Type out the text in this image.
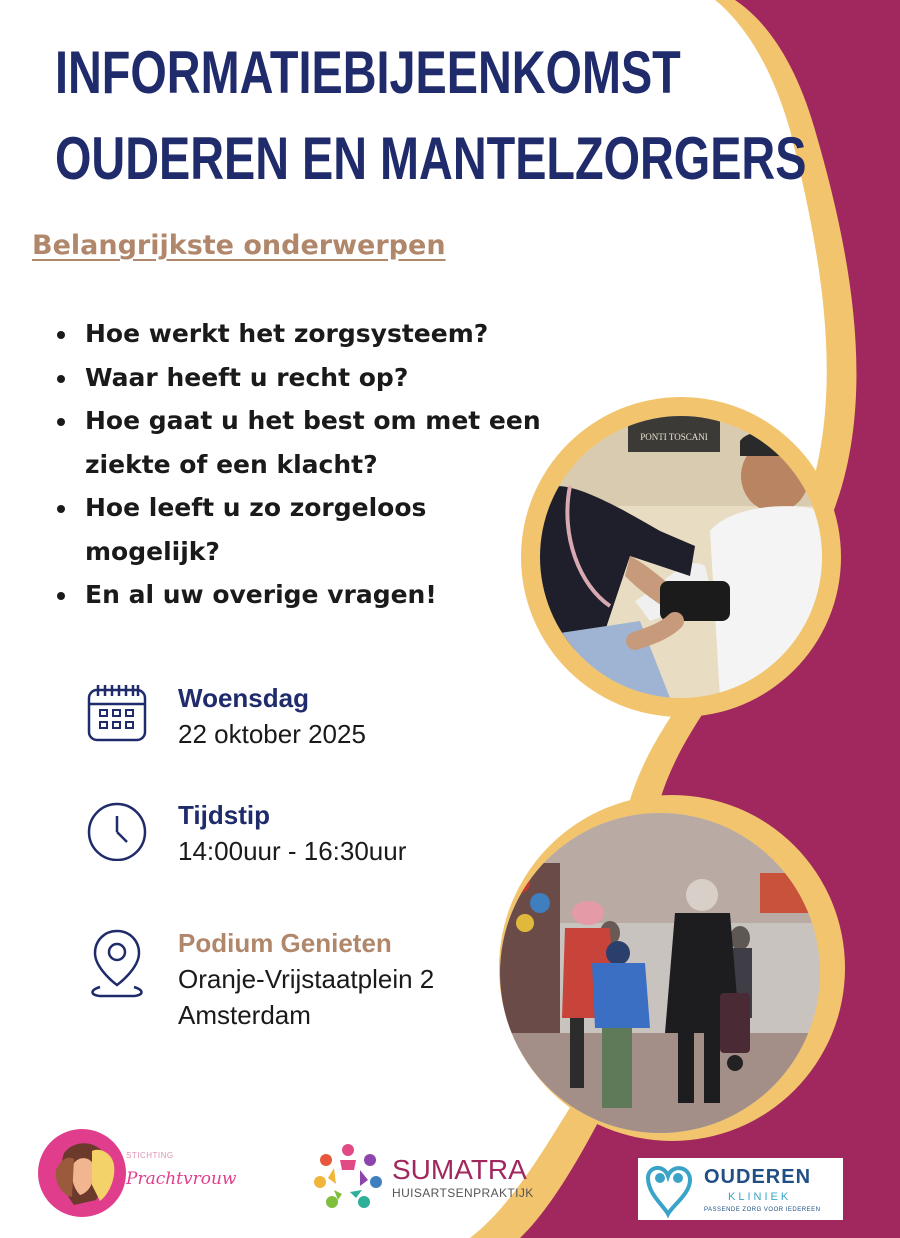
INFORMATIEBIJEENKOMST
OUDEREN EN MANTELZORGERS
Belangrijkste onderwerpen
Hoe werkt het zorgsysteem?
Waar heeft u recht op?
Hoe gaat u het best om met een ziekte of een klacht?
Hoe leeft u zo zorgeloos mogelijk?
En al uw overige vragen!
Woensdag
22 oktober 2025
Tijdstip
14:00uur - 16:30uur
Podium Genieten
Oranje-Vrijstaatplein 2
Amsterdam
PONTI TOSCANI
STICHTING
Prachtvrouw	SUMATRA
HUISARTSENPRAKTIJK
OUDEREN
KLINIEK
PASSENDE ZORG VOOR IEDEREEN
